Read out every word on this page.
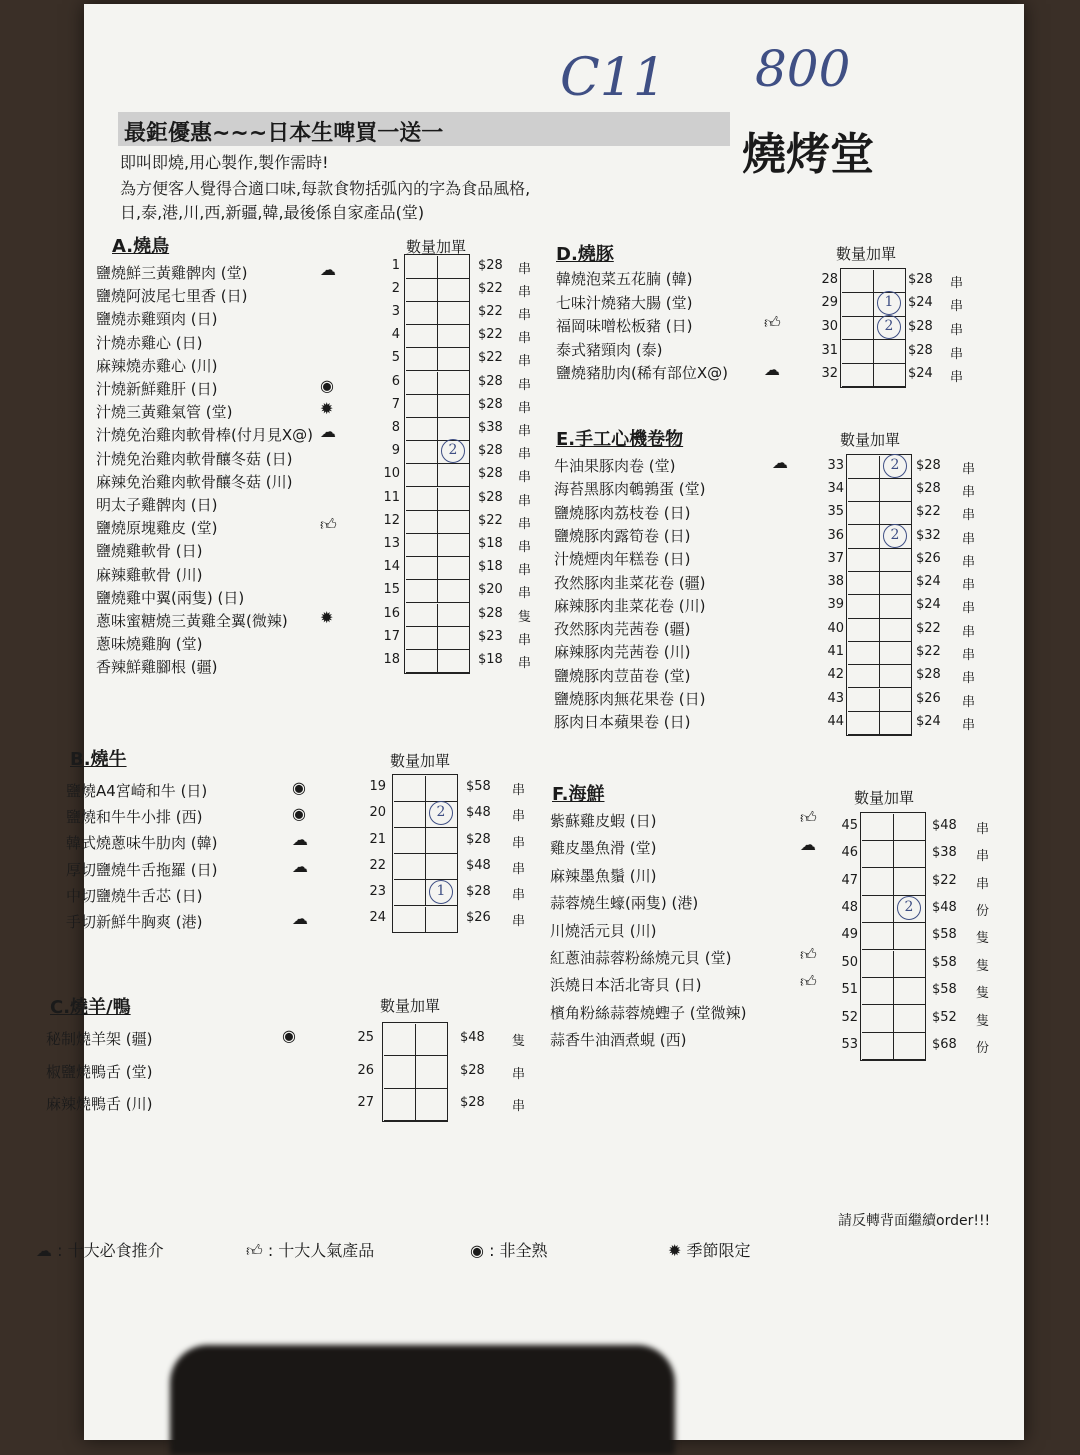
C11 800
最鉅優惠~~~日本生啤買一送一
即叫即燒,用心製作,製作需時!
為方便客人覺得合適口味,每款食物括弧內的字為食品風格,
日,泰,港,川,西,新疆,韓,最後係自家產品(堂)
燒烤堂
A.燒鳥	數量加單
鹽燒鮮三黃雞髀肉 (堂)	☁	1	$28 串
鹽燒阿波尾七里香 (日)	2	$22 串
鹽燒赤雞頸肉 (日)	3	$22 串
汁燒赤雞心 (日)	4	$22 串
麻辣燒赤雞心 (川)	5	$22 串
汁燒新鮮雞肝 (日)	◉	6	$28 串
汁燒三黃雞氣管 (堂)	✹	7	$28 串
汁燒免治雞肉軟骨棒(付月見X@) ☁	8	$38 串
汁燒免治雞肉軟骨釀冬菇 (日)	9	2	$28 串
麻辣免治雞肉軟骨釀冬菇 (川)	10	$28 串
明太子雞髀肉 (日)	11	$28 串
鹽燒原塊雞皮 (堂)	👍︎	12	$22 串
鹽燒雞軟骨 (日)	13	$18 串
麻辣雞軟骨 (川)	14	$18 串
鹽燒雞中翼(兩隻) (日)	15	$20 串
蔥味蜜糖燒三黃雞全翼(微辣) ✹	16	$28 隻
蔥味燒雞胸 (堂)	17	$23 串
香辣鮮雞腳根 (疆)	18	$18 串
B.燒牛	數量加單
鹽燒A4宮崎和牛 (日)	◉	19	$58 串
鹽燒和牛牛小排 (西)	◉	20	2	$48 串
韓式燒蔥味牛肋肉 (韓)	☁	21	$28 串
厚切鹽燒牛舌拖羅 (日)	☁	22	$48 串
中切鹽燒牛舌芯 (日)	23	1	$28 串
手切新鮮牛胸爽 (港)	☁	24	$26 串
C.燒羊/鴨	數量加單
秘制燒羊架 (疆)	◉	25	$48 隻
椒鹽燒鴨舌 (堂)	26	$28 串
麻辣燒鴨舌 (川)	27	$28 串
D.燒豚	數量加單
韓燒泡菜五花腩 (韓)	28	$28 串
七味汁燒豬大腸 (堂)	29	1	$24 串
福岡味噌松板豬 (日)	👍︎	30	2	$28 串
泰式豬頸肉 (泰)	31	$28 串
鹽燒豬肋肉(稀有部位X@) ☁	32	$24 串
E.手工心機卷物	數量加單
牛油果豚肉卷 (堂)	☁	33	2	$28 串
海苔黑豚肉鵪鶉蛋 (堂)	34	$28 串
鹽燒豚肉荔枝卷 (日)	35	$22 串
鹽燒豚肉露筍卷 (日)	36	2	$32 串
汁燒煙肉年糕卷 (日)	37	$26 串
孜然豚肉韭菜花卷 (疆)	38	$24 串
麻辣豚肉韭菜花卷 (川)	39	$24 串
孜然豚肉芫茜卷 (疆)	40	$22 串
麻辣豚肉芫茜卷 (川)	41	$22 串
鹽燒豚肉荳苗卷 (堂)	42	$28 串
鹽燒豚肉無花果卷 (日)	43	$26 串
豚肉日本蘋果卷 (日)	44	$24 串
F.海鮮	數量加單
紫蘇雞皮蝦 (日)	👍︎	45	$48 串
雞皮墨魚滑 (堂)	☁	46	$38 串
麻辣墨魚鬚 (川)	47	$22 串
蒜蓉燒生蠔(兩隻) (港)	48	2	$48 份
川燒活元貝 (川)	49	$58 隻
紅蔥油蒜蓉粉絲燒元貝 (堂)	👍︎	50	$58 隻
浜燒日本活北寄貝 (日)	👍︎	51	$58 隻
檳角粉絲蒜蓉燒蟶子 (堂微辣)	52	$52 隻
蒜香牛油酒煮蜆 (西)	53	$68 份
☁ : 十大必食推介	👍︎ : 十大人氣產品	◉ : 非全熟	✹ 季節限定
請反轉背面繼續order!!!
